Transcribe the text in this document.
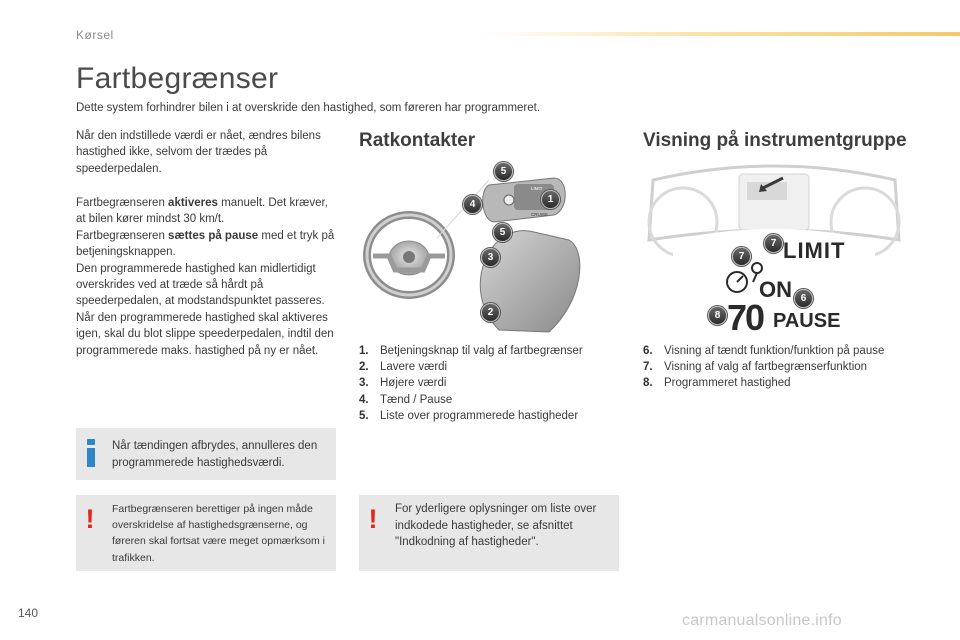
Kørsel
Fartbegrænser

Dette system forhindrer bilen i at overskride den hastighed, som føreren har programmeret.

Når den indstillede værdi er nået, ændres bilens hastighed ikke, selvom der trædes på speederpedalen.

Fartbegrænseren aktiveres manuelt. Det kræver, at bilen kører mindst 30 km/t.

Fartbegrænseren sættes på pause med et tryk på betjeningsknappen.

Den programmerede hastighed kan midlertidigt overskrides ved at træde så hårdt på speederpedalen, at modstandspunktet passeres.

Når den programmerede hastighed skal aktiveres igen, skal du blot slippe speederpedalen, indtil den programmerede maks. hastighed på ny er nået.

Når tændingen afbrydes, annulleres den programmerede hastighedsværdi.
! Fartbegrænseren berettiger på ingen måde overskridelse af hastighedsgrænserne, og føreren skal fortsat være meget opmærksom i trafikken.
Ratkontakter
LIMIT
CRUISE
5
1
4
5
3
2
1. Betjeningsknap til valg af fartbegrænser
2. Lavere værdi
3. Højere værdi
4. Tænd / Pause
5. Liste over programmerede hastigheder
! For yderligere oplysninger om liste over indkodede hastigheder, se afsnittet "Indkodning af hastigheder".
Visning på instrumentgruppe
LIMIT
ON
70 PAUSE
7
7
6
8
6. Visning af tændt funktion/funktion på pause
7. Visning af valg af fartbegrænserfunktion
8. Programmeret hastighed
140	carmanualsonline.info
